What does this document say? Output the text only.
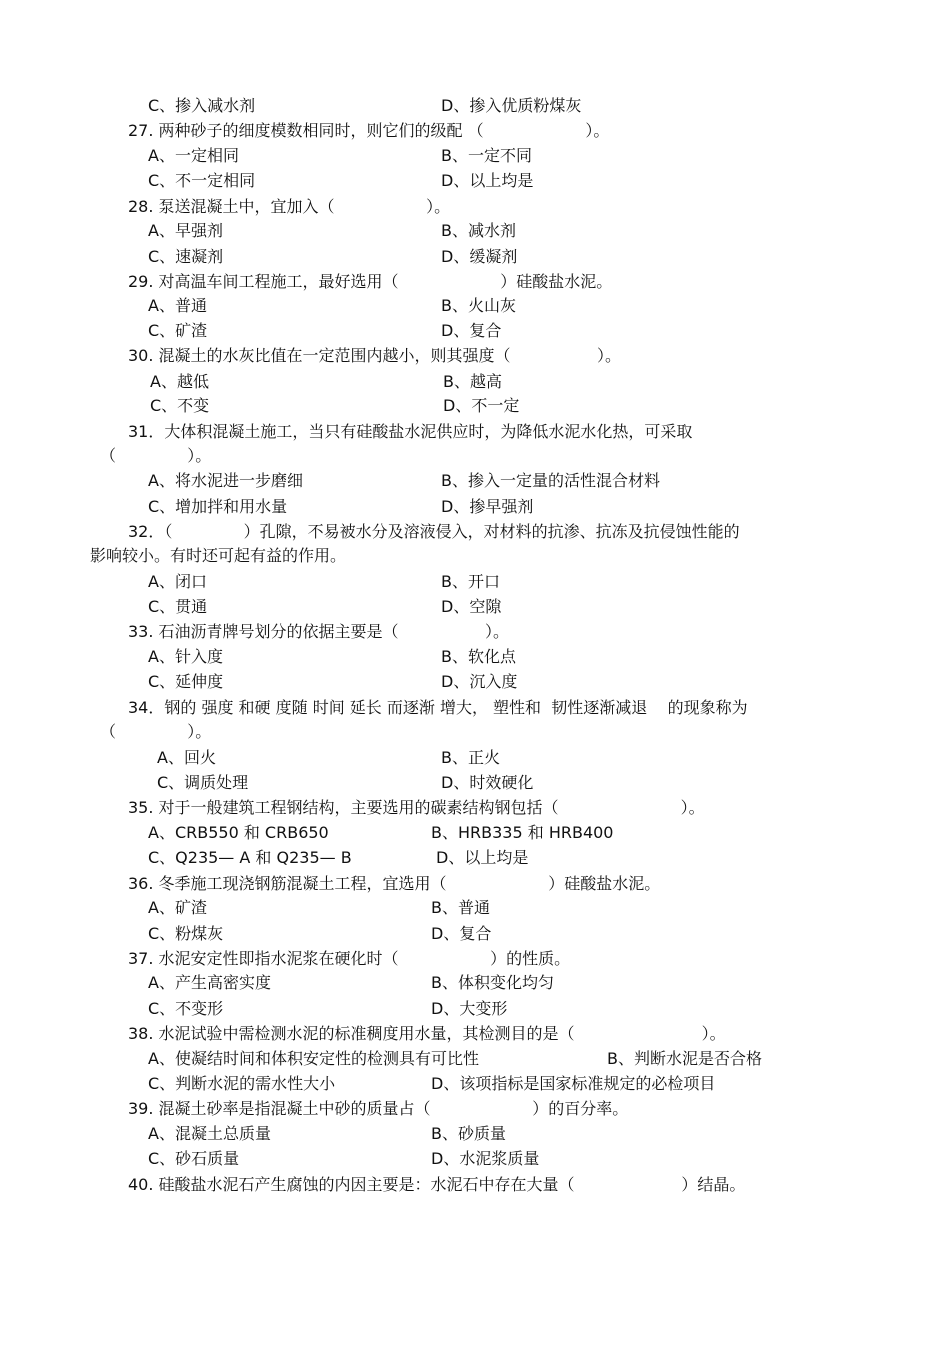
C、掺入减水剂	D、掺入优质粉煤灰
27. 两种砂子的细度模数相同时，则它们的级配 （                    ）。
A、一定相同	B、一定不同
C、不一定相同	D、以上均是
28. 泵送混凝土中，宜加入（                  ）。
A、早强剂	B、减水剂
C、速凝剂	D、缓凝剂
29. 对高温车间工程施工，最好选用（                    ）硅酸盐水泥。
A、普通	B、火山灰
C、矿渣	D、复合
30. 混凝土的水灰比值在一定范围内越小，则其强度（                 ）。
A、越低	B、越高
C、不变	D、不一定
31．大体积混凝土施工，当只有硅酸盐水泥供应时，为降低水泥水化热，可采取
（              ）。
A、将水泥进一步磨细	B、掺入一定量的活性混合材料
C、增加拌和用水量	D、掺早强剂
32．（              ）孔隙，不易被水分及溶液侵入，对材料的抗渗、抗冻及抗侵蚀性能的
影响较小。有时还可起有益的作用。
A、闭口	B、开口
C、贯通	D、空隙
33. 石油沥青牌号划分的依据主要是（                 ）。
A、针入度	B、软化点
C、延伸度	D、沉入度
34．钢的 强度 和硬 度随 时间 延长 而逐渐 增大， 塑性和  韧性逐渐减退    的现象称为
（              ）。
A、回火	B、正火
C、调质处理	D、时效硬化
35. 对于一般建筑工程钢结构，主要选用的碳素结构钢包括（                        ）。
A、CRB550 和 CRB650	B、HRB335 和 HRB400
C、Q235— A 和 Q235— B	D、以上均是
36. 冬季施工现浇钢筋混凝土工程，宜选用（                    ）硅酸盐水泥。
A、矿渣	B、普通
C、粉煤灰	D、复合
37. 水泥安定性即指水泥浆在硬化时（                  ）的性质。
A、产生高密实度	B、体积变化均匀
C、不变形	D、大变形
38. 水泥试验中需检测水泥的标准稠度用水量，其检测目的是（                         ）。
A、使凝结时间和体积安定性的检测具有可比性	B、判断水泥是否合格
C、判断水泥的需水性大小	D、该项指标是国家标准规定的必检项目
39. 混凝土砂率是指混凝土中砂的质量占（                    ）的百分率。
A、混凝土总质量	B、砂质量
C、砂石质量	D、水泥浆质量
40. 硅酸盐水泥石产生腐蚀的内因主要是：水泥石中存在大量（                     ）结晶。
